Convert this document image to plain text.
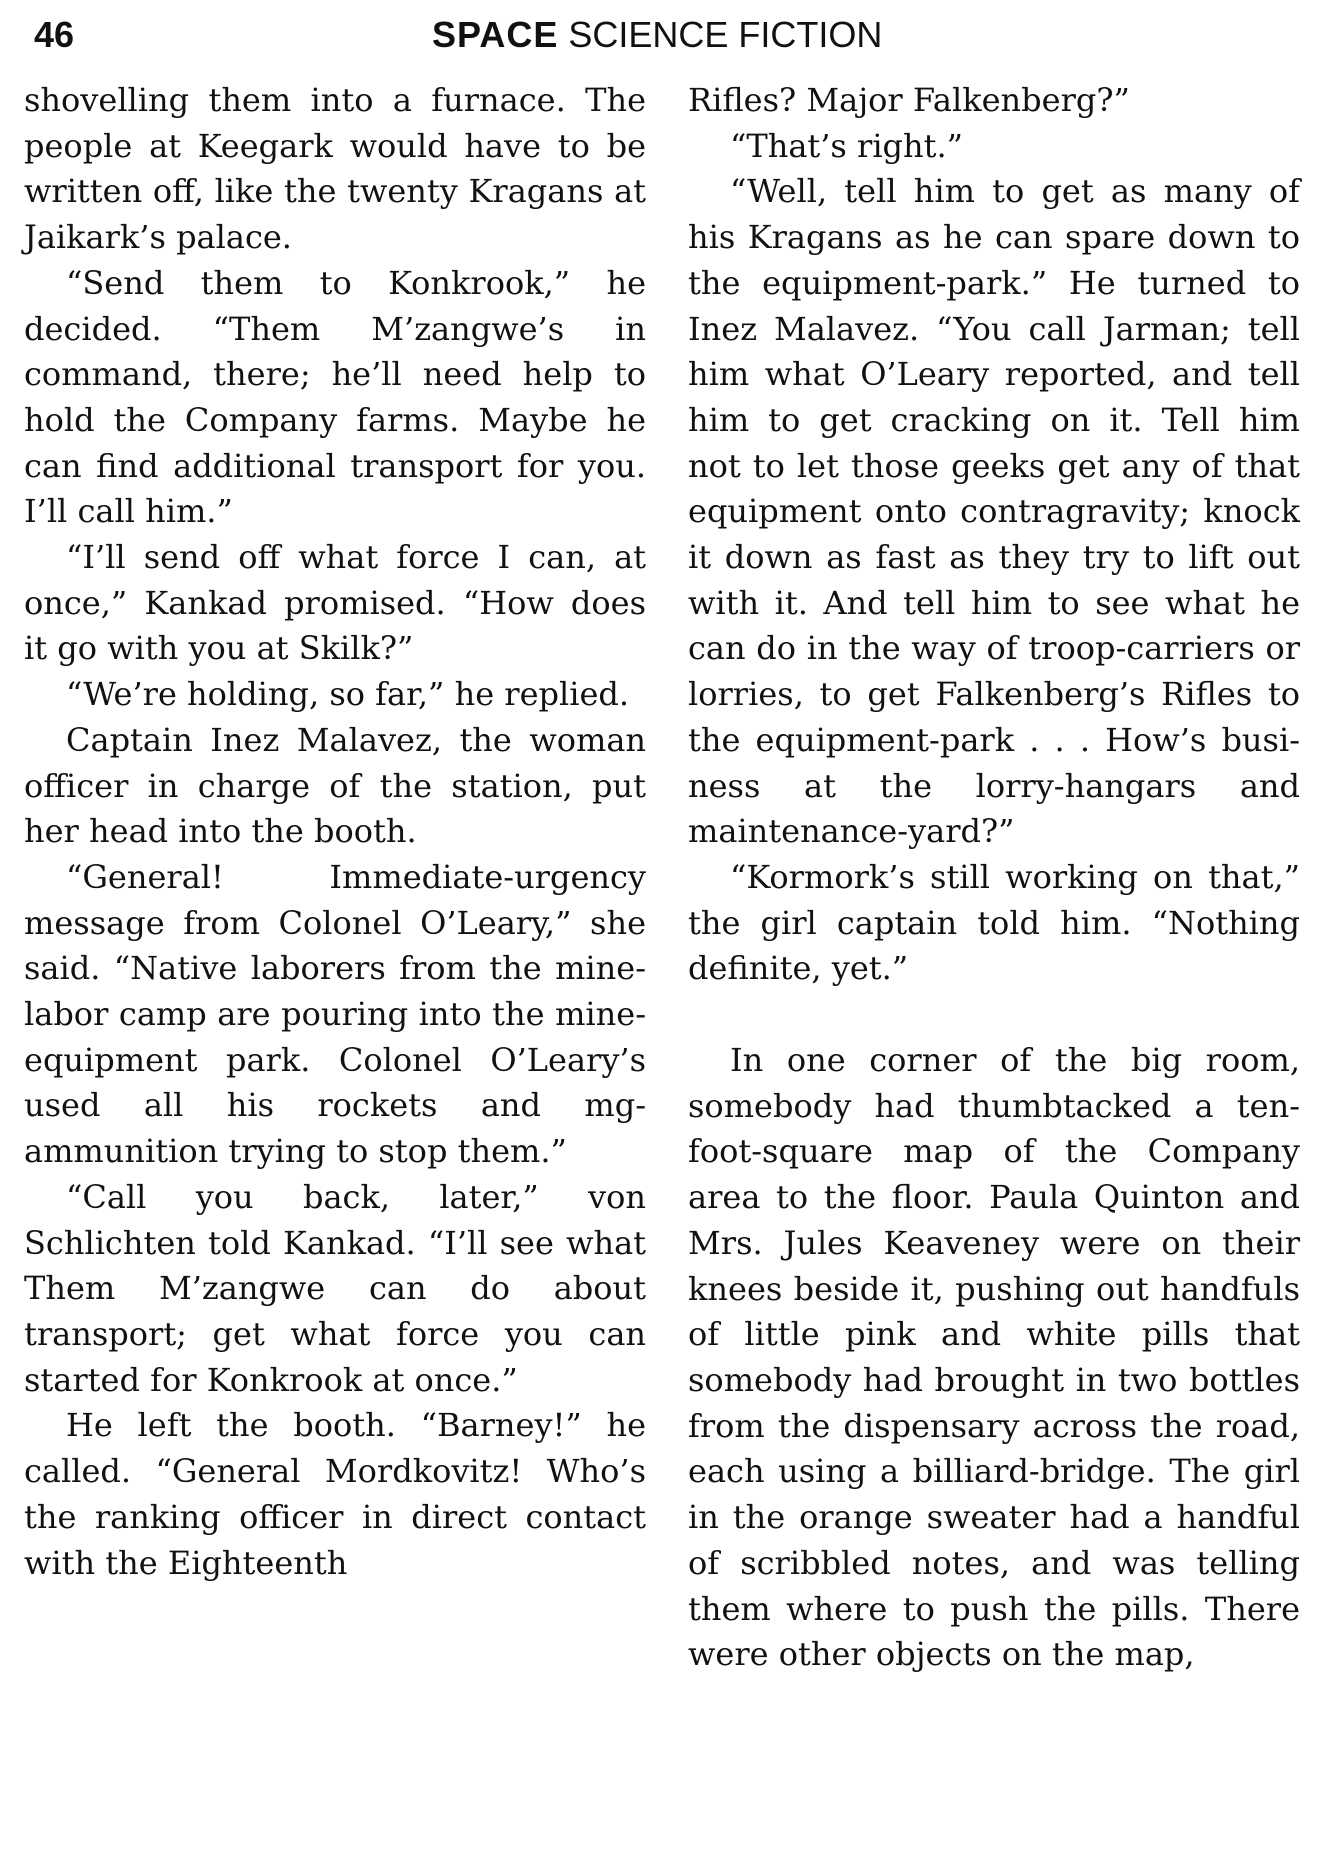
46	SPACE SCIENCE FICTION

shovelling them into a furnace. The people at Keegark would have to be written off, like the twenty Kragans at Jaikark’s palace.

“Send them to Konkrook,” he decided. “Them M’zangwe’s in command, there; he’ll need help to hold the Company farms. Maybe he can find additional transport for you. I’ll call him.”

“I’ll send off what force I can, at once,” Kankad promised. “How does it go with you at Skilk?”

“We’re holding, so far,” he replied.

Captain Inez Malavez, the woman officer in charge of the station, put her head into the booth.

“General! Immediate-urgency message from Colonel O’Leary,” she said. “Native laborers from the mine-labor camp are pouring into the mine-equipment park. Colonel O’Leary’s used all his rockets and mg-ammunition trying to stop them.”

“Call you back, later,” von Schlichten told Kankad. “I’ll see what Them M’zangwe can do about transport; get what force you can started for Konkrook at once.”

He left the booth. “Barney!” he called. “General Mordkovitz! Who’s the ranking officer in direct contact with the Eighteenth

Rifles? Major Falkenberg?”

“That’s right.”

“Well, tell him to get as many of his Kragans as he can spare down to the equipment-park.” He turned to Inez Malavez. “You call Jarman; tell him what O’Leary reported, and tell him to get cracking on it. Tell him not to let those geeks get any of that equipment onto contragravity; knock it down as fast as they try to lift out with it. And tell him to see what he can do in the way of troop-carriers or lorries, to get Falkenberg’s Rifles to the equipment-park . . . How’s business at the lorry-hangars and maintenance-yard?”

“Kormork’s still working on that,” the girl captain told him. “Nothing definite, yet.”

In one corner of the big room, somebody had thumbtacked a ten-foot-square map of the Company area to the floor. Paula Quinton and Mrs. Jules Keaveney were on their knees beside it, pushing out handfuls of little pink and white pills that somebody had brought in two bottles from the dispensary across the road, each using a billiard-bridge. The girl in the orange sweater had a handful of scribbled notes, and was telling them where to push the pills. There were other objects on the map,
